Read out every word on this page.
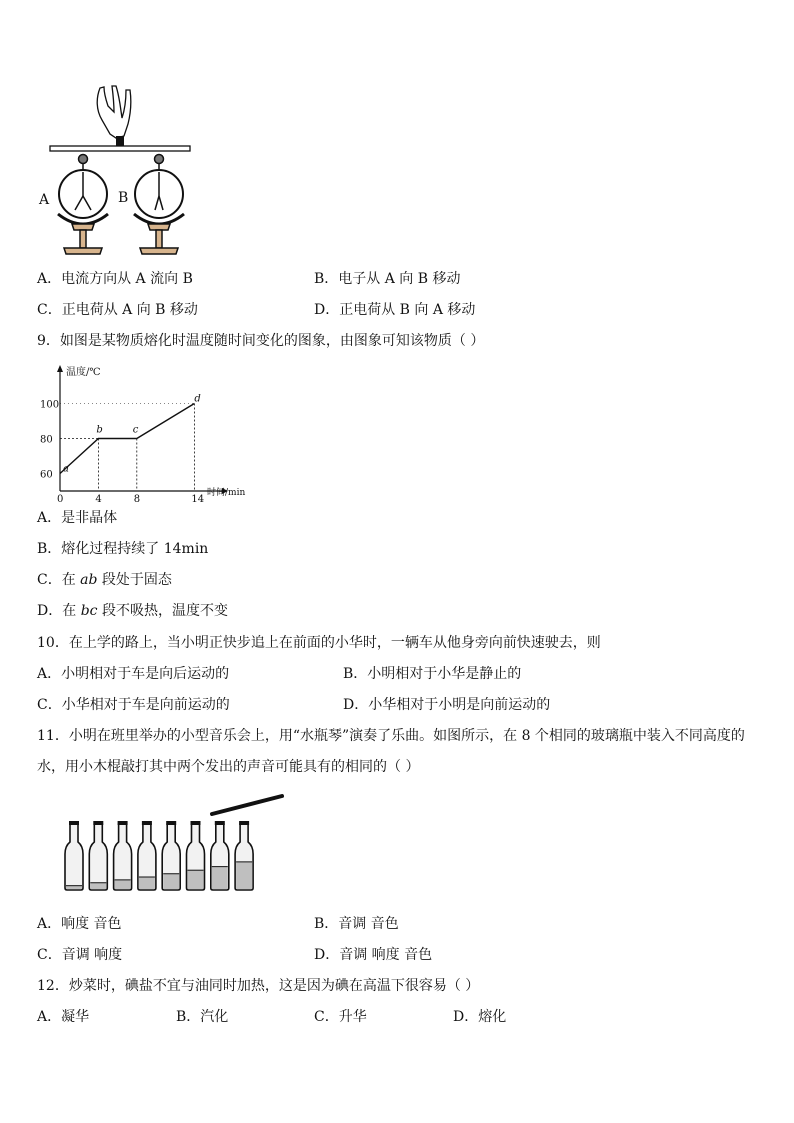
A	B
A．电流方向从 A 流向 B	B．电子从 A 向 B 移动
C．正电荷从 A 向 B 移动	D．正电荷从 B 向 A 移动
9．如图是某物质熔化时温度随时间变化的图象，由图象可知该物质（ ）
a
b	c
d
100
80
60
0	4	8	14
温度/℃
时间/min
A．是非晶体
B．熔化过程持续了 14min
C．在 ab 段处于固态
D．在 bc 段不吸热，温度不变
10．在上学的路上，当小明正快步追上在前面的小华时，一辆车从他身旁向前快速驶去，则
A．小明相对于车是向后运动的	B．小明相对于小华是静止的
C．小华相对于车是向前运动的	D．小华相对于小明是向前运动的
11．小明在班里举办的小型音乐会上，用“水瓶琴”演奏了乐曲。如图所示，在 8 个相同的玻璃瓶中装入不同高度的
水，用小木棍敲打其中两个发出的声音可能具有的相同的（ ）
A．响度 音色	B．音调 音色
C．音调 响度	D．音调 响度 音色
12．炒菜时，碘盐不宜与油同时加热，这是因为碘在高温下很容易（ ）
A．凝华	B．汽化	C．升华	D．熔化
